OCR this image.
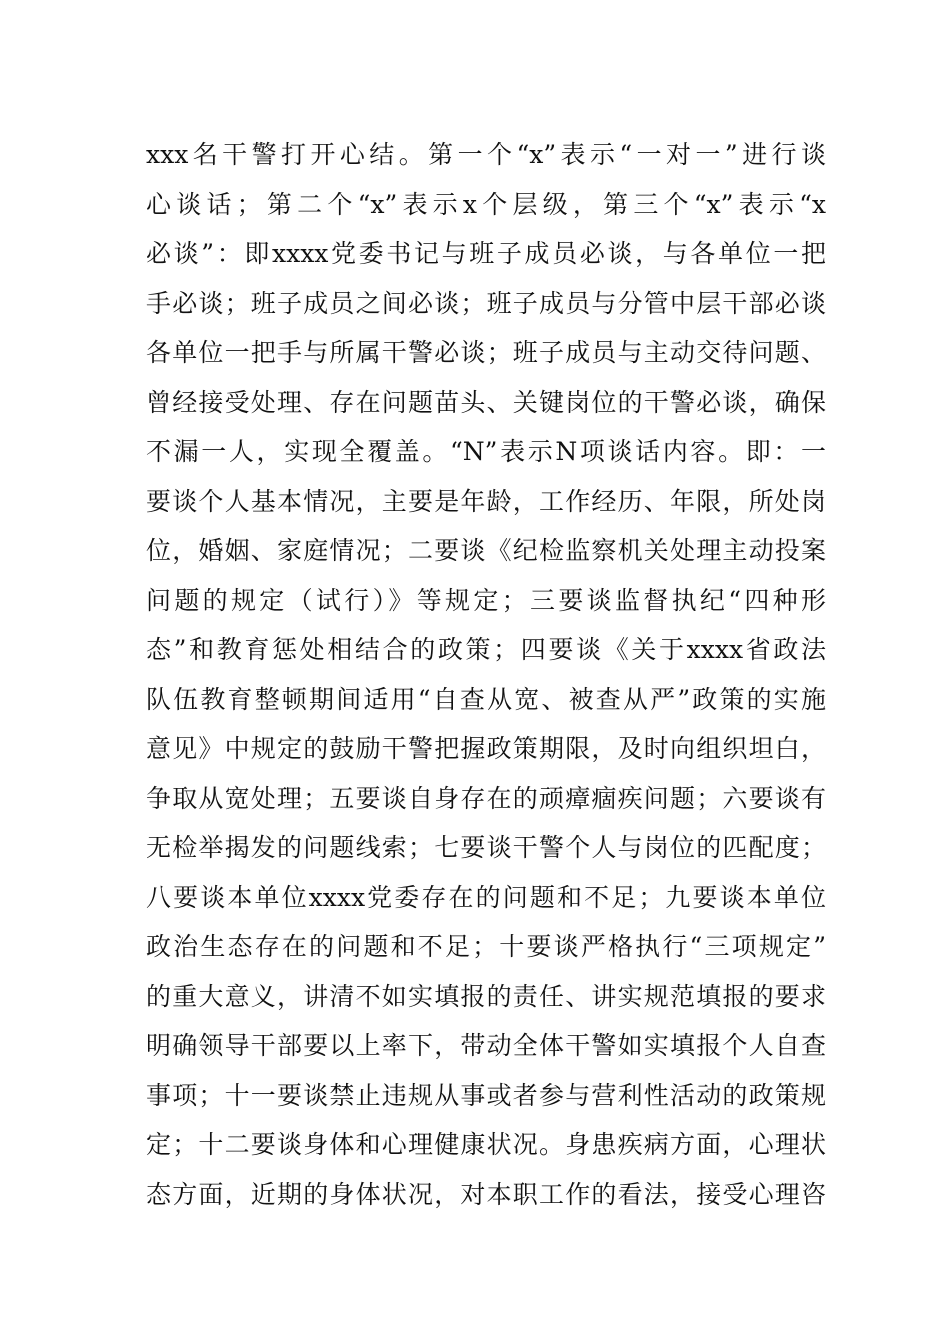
xxx名干警打开心结。第一个“x”表示“一对一”进行谈
心谈话；第二个“x”表示x个层级，第三个“x”表示“x
必谈”：即xxxx党委书记与班子成员必谈，与各单位一把
手必谈；班子成员之间必谈；班子成员与分管中层干部必谈
各单位一把手与所属干警必谈；班子成员与主动交待问题、
曾经接受处理、存在问题苗头、关键岗位的干警必谈，确保
不漏一人，实现全覆盖。“N”表示N项谈话内容。即：一
要谈个人基本情况，主要是年龄，工作经历、年限，所处岗
位，婚姻、家庭情况；二要谈《纪检监察机关处理主动投案
问题的规定（试行）》等规定；三要谈监督执纪“四种形
态”和教育惩处相结合的政策；四要谈《关于xxxx省政法
队伍教育整顿期间适用“自查从宽、被查从严”政策的实施
意见》中规定的鼓励干警把握政策期限，及时向组织坦白，
争取从宽处理；五要谈自身存在的顽瘴痼疾问题；六要谈有
无检举揭发的问题线索；七要谈干警个人与岗位的匹配度；
八要谈本单位xxxx党委存在的问题和不足；九要谈本单位
政治生态存在的问题和不足；十要谈严格执行“三项规定”
的重大意义，讲清不如实填报的责任、讲实规范填报的要求
明确领导干部要以上率下，带动全体干警如实填报个人自查
事项；十一要谈禁止违规从事或者参与营利性活动的政策规
定；十二要谈身体和心理健康状况。身患疾病方面，心理状
态方面，近期的身体状况，对本职工作的看法，接受心理咨
